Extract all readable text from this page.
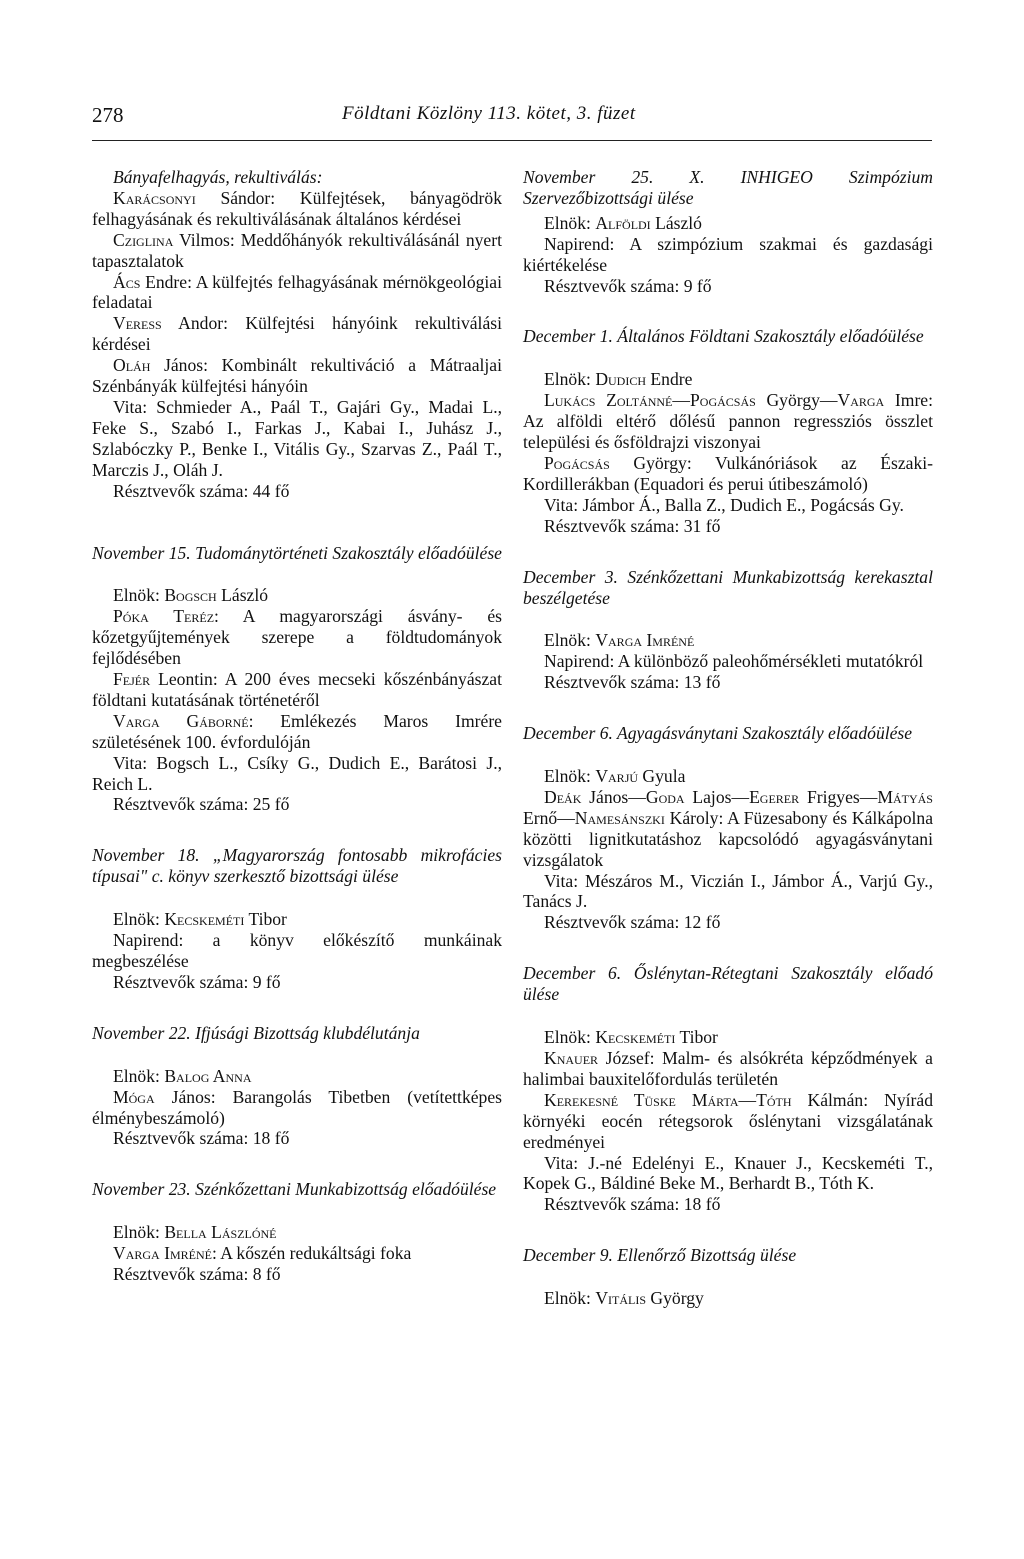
278	Földtani Közlöny 113. kötet, 3. füzet

Bányafelhagyás, rekultiválás:

Karácsonyi Sándor: Külfejtések, bányagödrök felhagyásának és rekultiválásának általános kérdései

Cziglina Vilmos: Meddőhányók rekultiválásánál nyert tapasztalatok

Ács Endre: A külfejtés felhagyásának mérnökgeológiai feladatai

Veress Andor: Külfejtési hányóink rekultiválási kérdései

Oláh János: Kombinált rekultiváció a Mátraaljai Szénbányák külfejtési hányóin

Vita: Schmieder A., Paál T., Gajári Gy., Madai L., Feke S., Szabó I., Farkas J., Kabai I., Juhász J., Szlabóczky P., Benke I., Vitális Gy., Szarvas Z., Paál T., Marczis J., Oláh J.

Résztvevők száma: 44 fő

November 15. Tudománytörténeti Szakosztály előadóülése

Elnök: Bogsch László

Póka Teréz: A magyarországi ásvány- és kőzetgyűjtemények szerepe a földtudományok fejlődésében

Fejér Leontin: A 200 éves mecseki kőszénbányászat földtani kutatásának történetéről

Varga Gáborné: Emlékezés Maros Imrére születésének 100. évfordulóján

Vita: Bogsch L., Csíky G., Dudich E., Barátosi J., Reich L.

Résztvevők száma: 25 fő

November 18. „Magyarország fontosabb mikrofácies típusai" c. könyv szerkesztő bizottsági ülése

Elnök: Kecskeméti Tibor

Napirend: a könyv előkészítő munkáinak megbeszélése

Résztvevők száma: 9 fő

November 22. Ifjúsági Bizottság klubdélutánja

Elnök: Balog Anna

Móga János: Barangolás Tibetben (vetítettképes élménybeszámoló)

Résztvevők száma: 18 fő

November 23. Szénkőzettani Munkabizottság előadóülése

Elnök: Bella Lászlóné

Varga Imréné: A kőszén redukáltsági foka

Résztvevők száma: 8 fő

November 25. X. INHIGEO Szimpózium Szervezőbizottsági ülése

Elnök: Alföldi László

Napirend: A szimpózium szakmai és gazdasági kiértékelése

Résztvevők száma: 9 fő

December 1. Általános Földtani Szakosztály előadóülése

Elnök: Dudich Endre

Lukács Zoltánné—Pogácsás György—Varga Imre: Az alföldi eltérő dőlésű pannon regressziós összlet települési és ősföldrajzi viszonyai

Pogácsás György: Vulkánóriások az Északi-Kordillerákban (Equadori és perui útibeszámoló)

Vita: Jámbor Á., Balla Z., Dudich E., Pogácsás Gy.

Résztvevők száma: 31 fő

December 3. Szénkőzettani Munkabizottság kerekasztal beszélgetése

Elnök: Varga Imréné

Napirend: A különböző paleohőmérsékleti mutatókról

Résztvevők száma: 13 fő

December 6. Agyagásványtani Szakosztály előadóülése

Elnök: Varjú Gyula

Deák János—Goda Lajos—Egerer Frigyes—Mátyás Ernő—Namesánszki Károly: A Füzesabony és Kálkápolna közötti lignitkutatáshoz kapcsolódó agyagásványtani vizsgálatok

Vita: Mészáros M., Viczián I., Jámbor Á., Varjú Gy., Tanács J.

Résztvevők száma: 12 fő

December 6. Őslénytan-Rétegtani Szakosztály előadó ülése

Elnök: Kecskeméti Tibor

Knauer József: Malm- és alsókréta képződmények a halimbai bauxitelőfordulás területén

Kerekesné Tüske Márta—Tóth Kálmán: Nyírád környéki eocén rétegsorok őslénytani vizsgálatának eredményei

Vita: J.-né Edelényi E., Knauer J., Kecskeméti T., Kopek G., Báldiné Beke M., Berhardt B., Tóth K.

Résztvevők száma: 18 fő

December 9. Ellenőrző Bizottság ülése

Elnök: Vitális György
